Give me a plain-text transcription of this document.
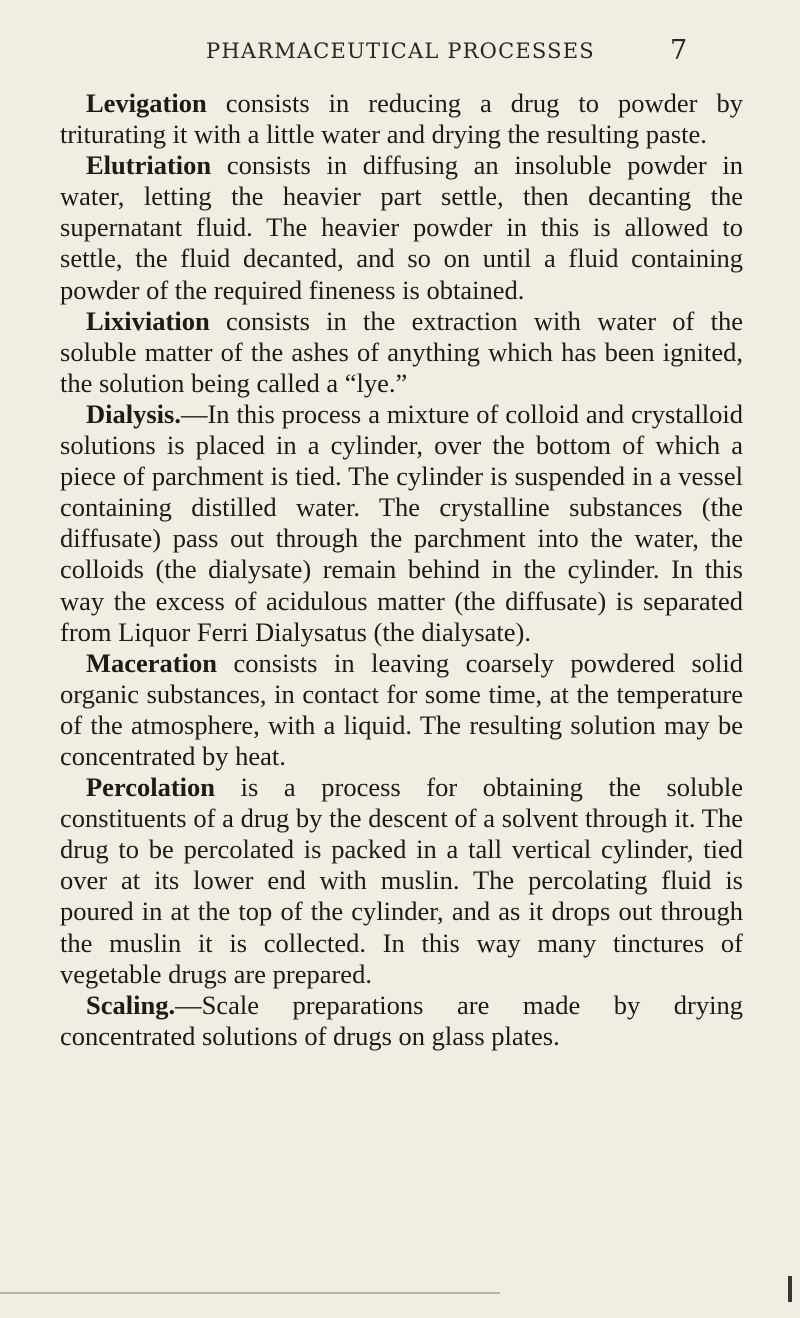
PHARMACEUTICAL PROCESSES	7

Levigation consists in reducing a drug to powder by triturating it with a little water and drying the resulting paste.

Elutriation consists in diffusing an insoluble powder in water, letting the heavier part settle, then decanting the supernatant fluid. The heavier powder in this is allowed to settle, the fluid decanted, and so on until a fluid containing powder of the required fineness is obtained.

Lixiviation consists in the extraction with water of the soluble matter of the ashes of anything which has been ignited, the solution being called a “lye.”

Dialysis.—In this process a mixture of colloid and crystalloid solutions is placed in a cylinder, over the bottom of which a piece of parchment is tied. The cylinder is suspended in a vessel containing distilled water. The crystalline substances (the diffusate) pass out through the parchment into the water, the colloids (the dialysate) remain behind in the cylinder. In this way the excess of acidulous matter (the diffusate) is separated from Liquor Ferri Dialysatus (the dialysate).

Maceration consists in leaving coarsely powdered solid organic substances, in contact for some time, at the temperature of the atmosphere, with a liquid. The resulting solution may be concentrated by heat.

Percolation is a process for obtaining the soluble constituents of a drug by the descent of a solvent through it. The drug to be percolated is packed in a tall vertical cylinder, tied over at its lower end with muslin. The percolating fluid is poured in at the top of the cylinder, and as it drops out through the muslin it is collected. In this way many tinctures of vegetable drugs are prepared.

Scaling.—Scale preparations are made by drying concentrated solutions of drugs on glass plates.
